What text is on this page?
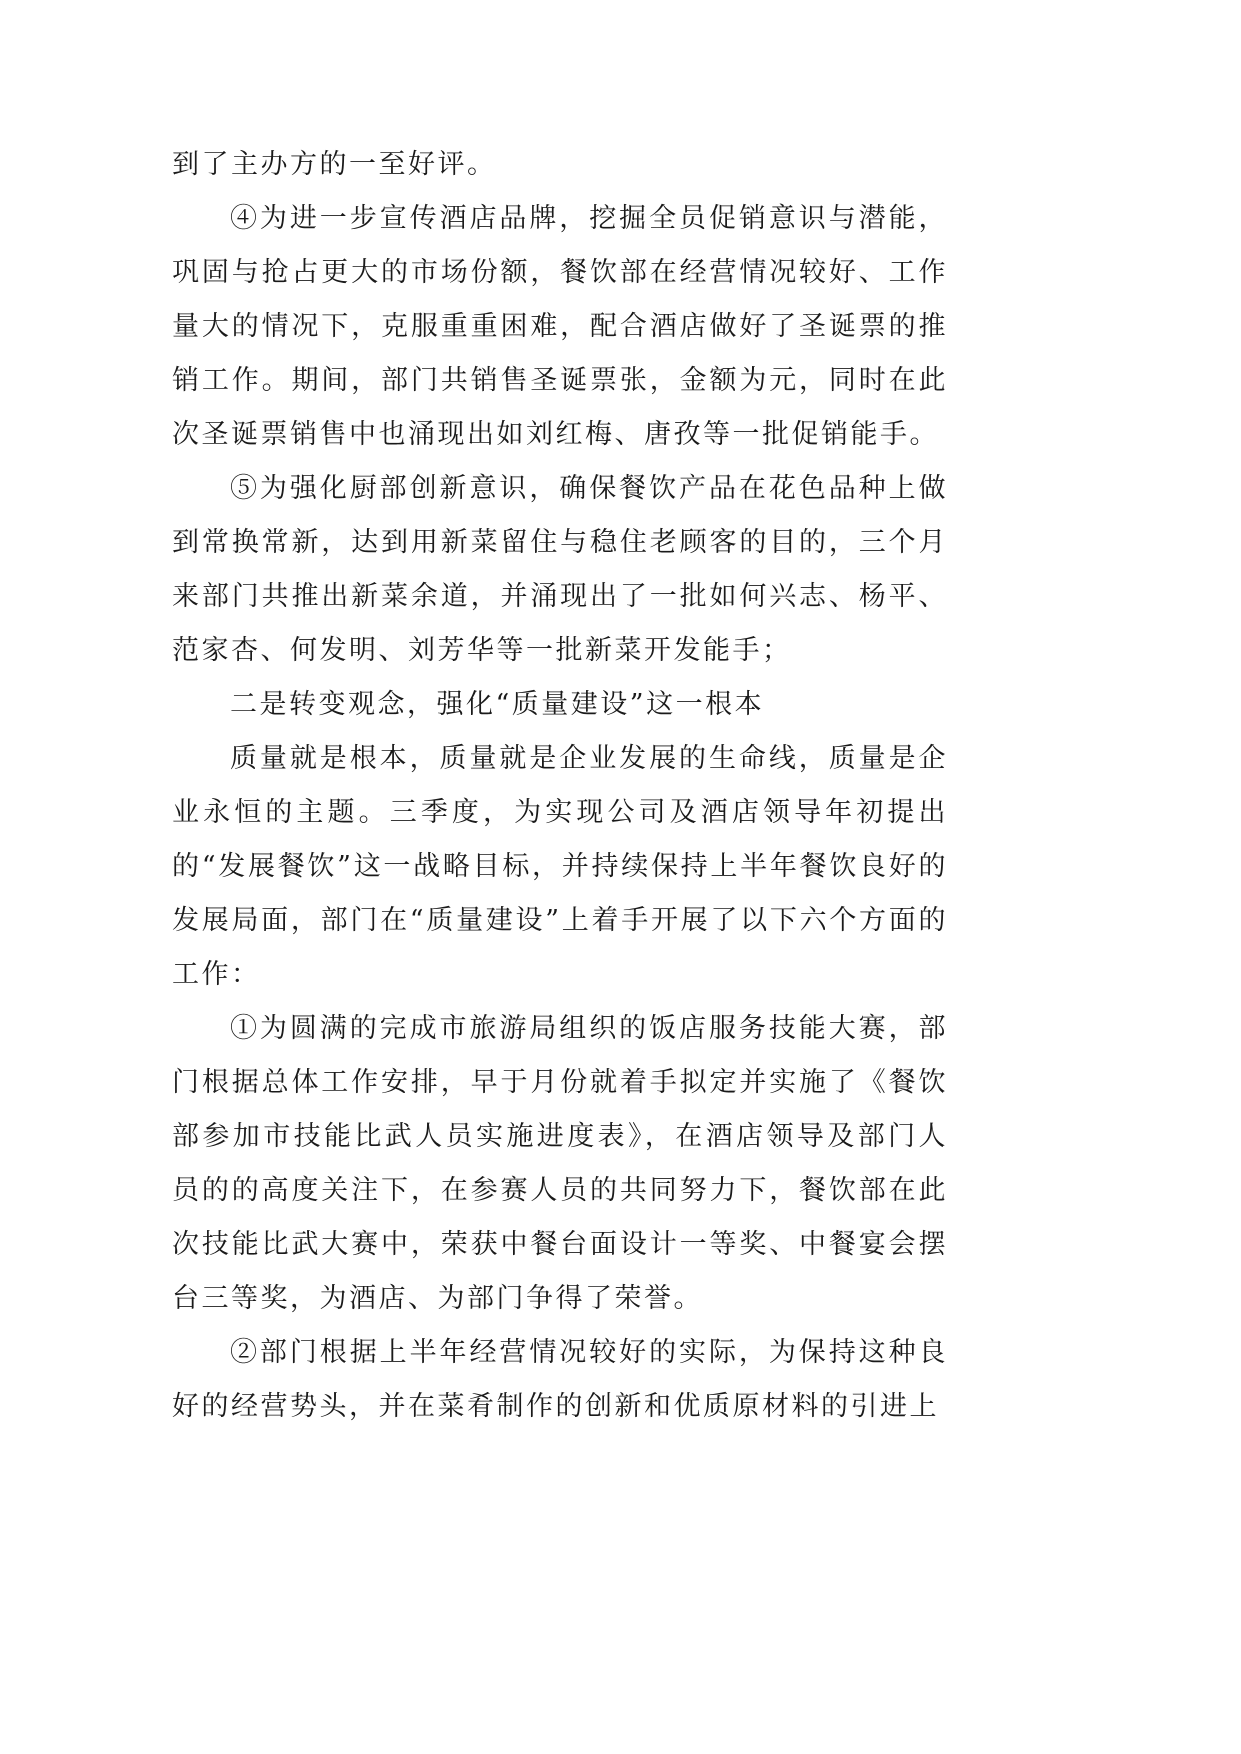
到了主办方的一至好评。

④为进一步宣传酒店品牌，挖掘全员促销意识与潜能，巩固与抢占更大的市场份额，餐饮部在经营情况较好、工作量大的情况下，克服重重困难，配合酒店做好了圣诞票的推销工作。期间，部门共销售圣诞票张，金额为元，同时在此次圣诞票销售中也涌现出如刘红梅、唐孜等一批促销能手。

⑤为强化厨部创新意识，确保餐饮产品在花色品种上做到常换常新，达到用新菜留住与稳住老顾客的目的，三个月来部门共推出新菜余道，并涌现出了一批如何兴志、杨平、范家杏、何发明、刘芳华等一批新菜开发能手；

二是转变观念，强化“质量建设”这一根本

质量就是根本，质量就是企业发展的生命线，质量是企业永恒的主题。三季度，为实现公司及酒店领导年初提出的“发展餐饮”这一战略目标，并持续保持上半年餐饮良好的发展局面，部门在“质量建设”上着手开展了以下六个方面的工作：

①为圆满的完成市旅游局组织的饭店服务技能大赛，部门根据总体工作安排，早于月份就着手拟定并实施了《餐饮部参加市技能比武人员实施进度表》，在酒店领导及部门人员的的高度关注下，在参赛人员的共同努力下，餐饮部在此次技能比武大赛中，荣获中餐台面设计一等奖、中餐宴会摆台三等奖，为酒店、为部门争得了荣誉。

②部门根据上半年经营情况较好的实际，为保持这种良好的经营势头，并在菜肴制作的创新和优质原材料的引进上
